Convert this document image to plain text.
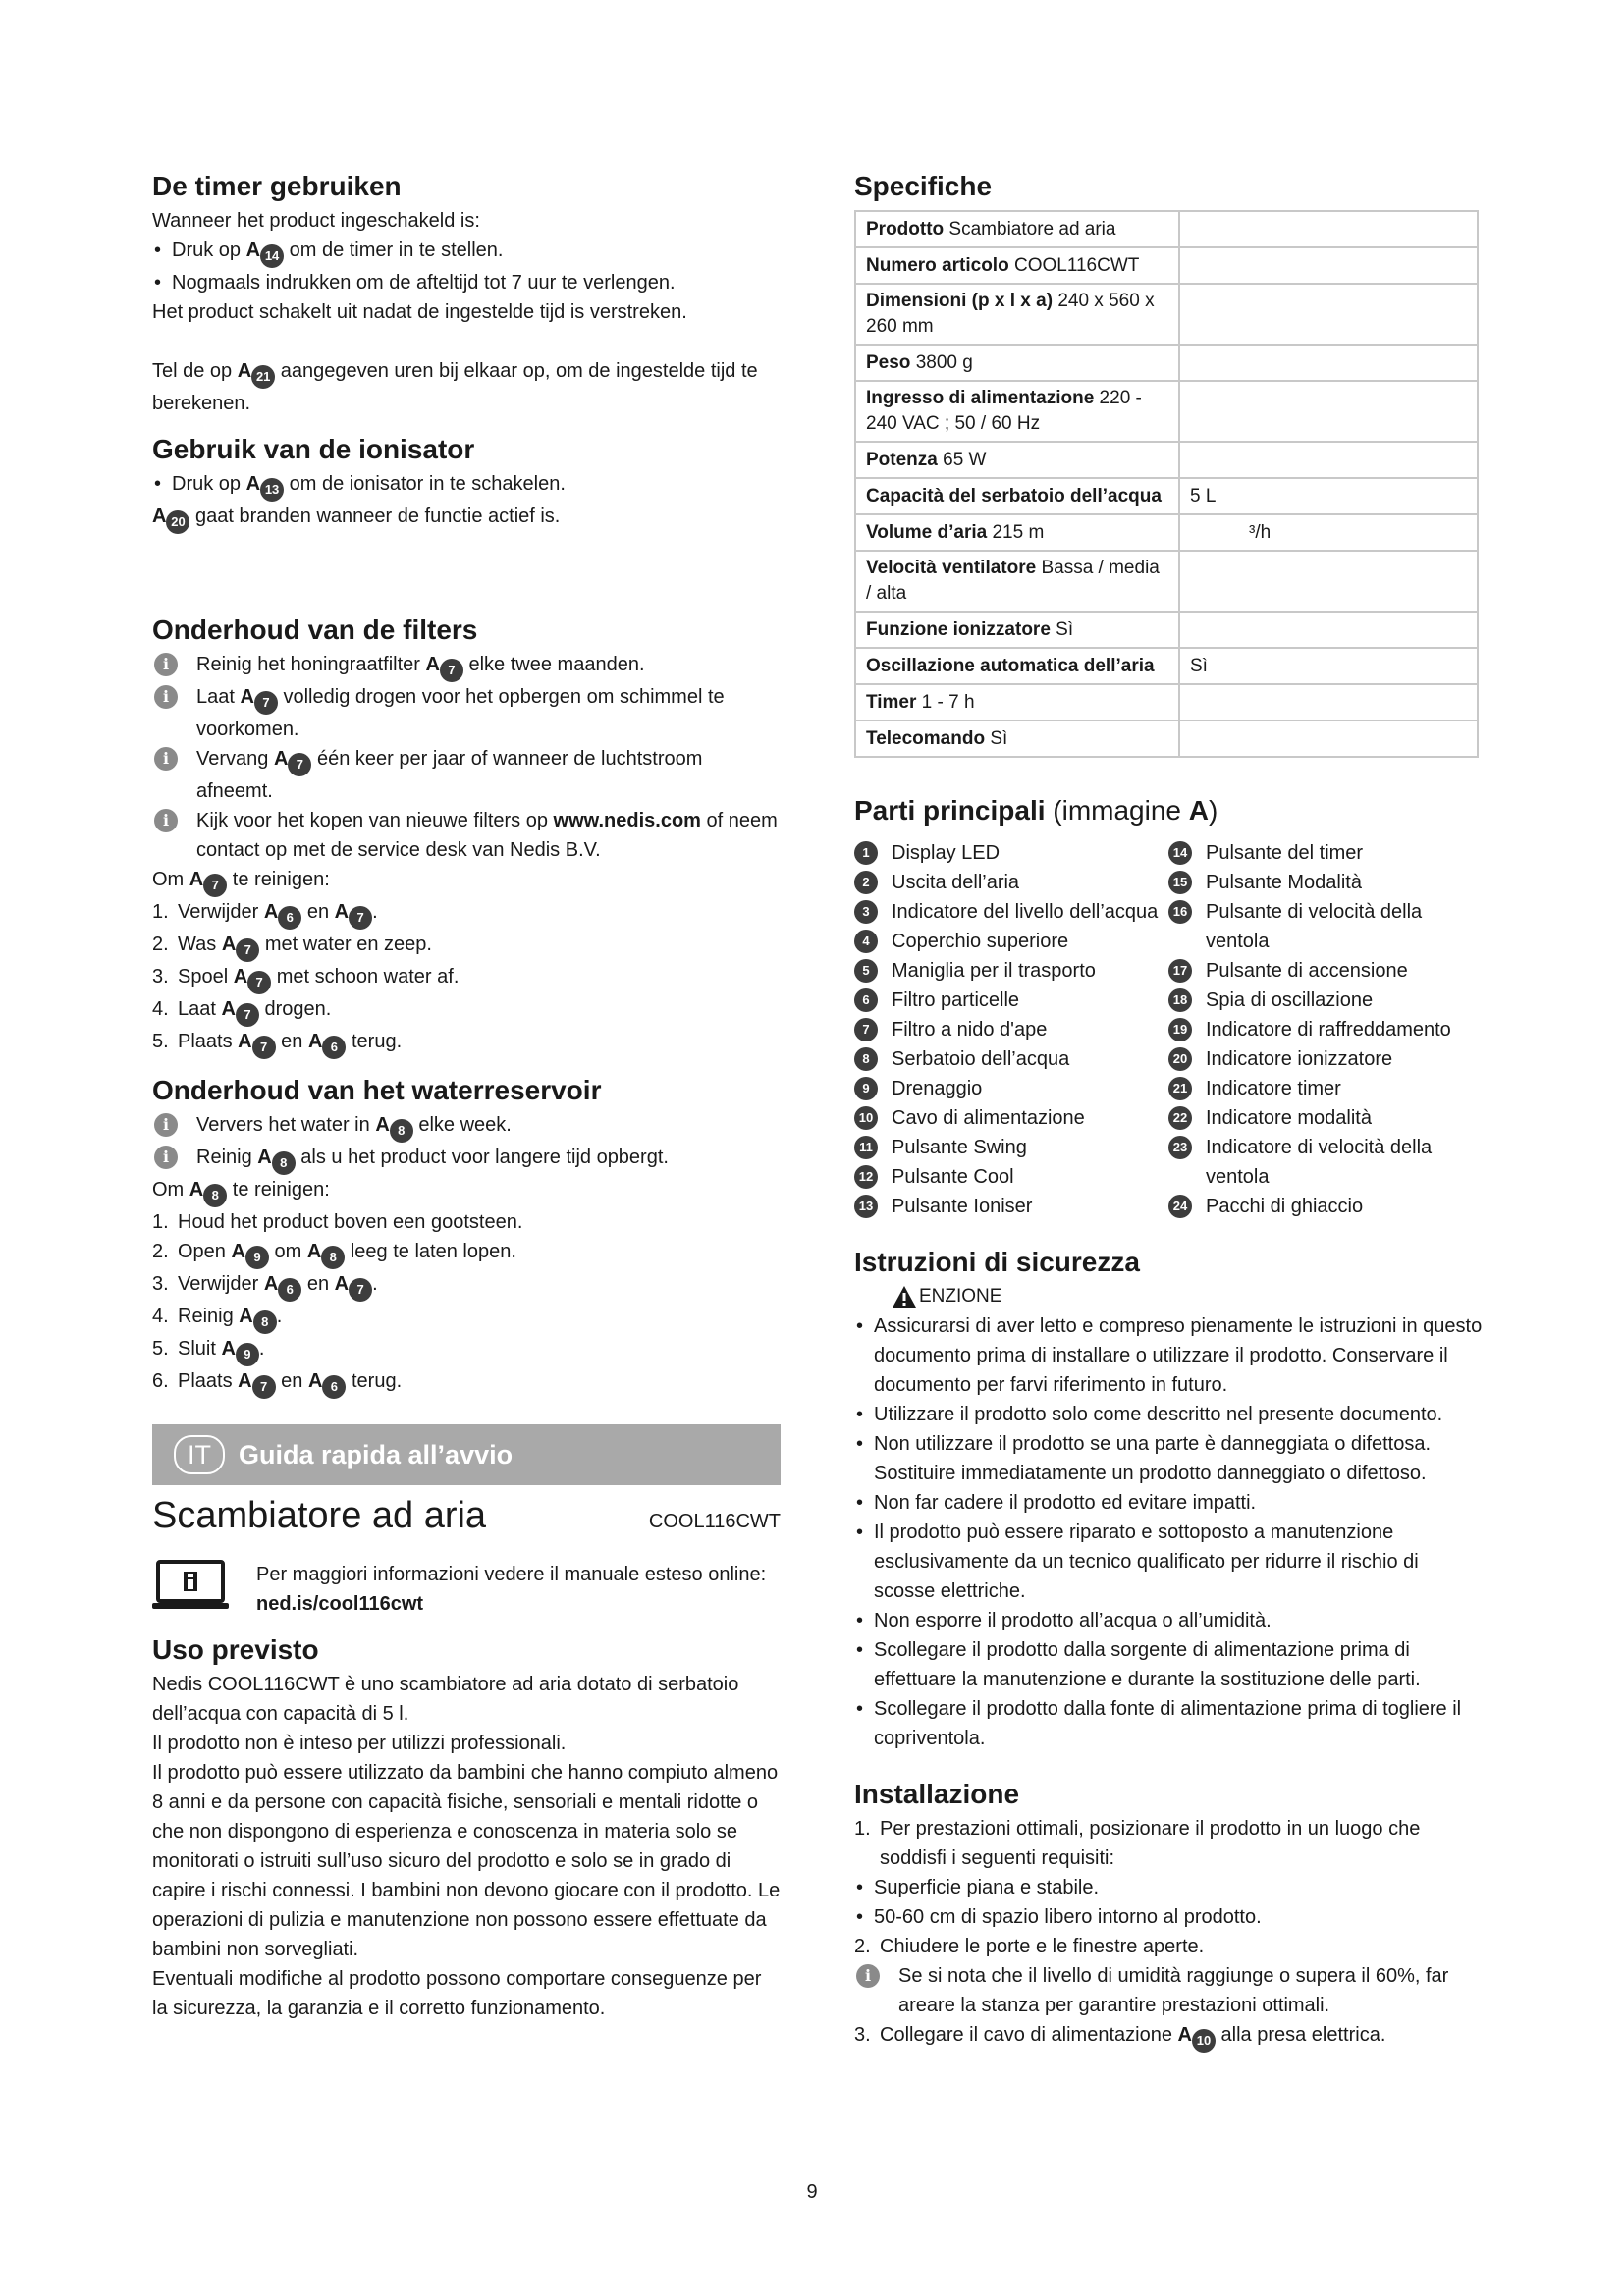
De timer gebruiken

Wanneer het product ingeschakeld is:

• Druk op A 14 om de timer in te stellen.

• Nogmaals indrukken om de afteltijd tot 7 uur te verlengen.

Het product schakelt uit nadat de ingestelde tijd is verstreken.

Tel de op A 21 aangegeven uren bij elkaar op, om de ingestelde tijd te berekenen.

Gebruik van de ionisator

• Druk op A 13 om de ionisator in te schakelen.

A 20 gaat branden wanneer de functie actief is.

Onderhoud van de filters

i	Reinig het honingraatfilter A 7 elke twee maanden.

i	Laat A 7 volledig drogen voor het opbergen om schimmel te voorkomen.

i	Vervang A 7 één keer per jaar of wanneer de luchtstroom afneemt.

i	Kijk voor het kopen van nieuwe filters op www.nedis.com of neem contact op met de service desk van Nedis B.V.

Om A 7 te reinigen:

1. Verwijder A 6 en A 7 .

2. Was A 7 met water en zeep.

3. Spoel A 7 met schoon water af.

4. Laat A 7 drogen.

5. Plaats A 7 en A 6 terug.

Onderhoud van het waterreservoir

i	Ververs het water in A 8 elke week.

i	Reinig A 8 als u het product voor langere tijd opbergt.

Om A 8 te reinigen:

1. Houd het product boven een gootsteen.

2. Open A 9 om A 8 leeg te laten lopen.

3. Verwijder A 6 en A 7 .

4. Reinig A 8 .

5. Sluit A 9 .

6. Plaats A 7 en A 6 terug.

IT	Guida rapida all’avvio
Scambiatore ad aria	COOL116CWT

Per maggiori informazioni vedere il manuale esteso online: ned.is/cool116cwt

Uso previsto

Nedis COOL116CWT è uno scambiatore ad aria dotato di serbatoio dell’acqua con capacità di 5 l.

Il prodotto non è inteso per utilizzi professionali.

Il prodotto può essere utilizzato da bambini che hanno compiuto almeno 8 anni e da persone con capacità fisiche, sensoriali e mentali ridotte o che non dispongono di esperienza e conoscenza in materia solo se monitorati o istruiti sull’uso sicuro del prodotto e solo se in grado di capire i rischi connessi. I bambini non devono giocare con il prodotto. Le operazioni di pulizia e manutenzione non possono essere effettuate da bambini non sorvegliati.

Eventuali modifiche al prodotto possono comportare conseguenze per la sicurezza, la garanzia e il corretto funzionamento.

Specifiche
Prodotto Scambiatore ad aria	
Numero articolo COOL116CWT	
Dimensioni (p x l x a) 240 x 560 x 260 mm	
Peso 3800 g	
Ingresso di alimentazione 220 - 240 VAC ; 50 / 60 Hz	
Potenza 65 W	
Capacità del serbatoio dell’acqua	5 L
Volume d’aria 215 m	³/h
Velocità ventilatore Bassa / media / alta	
Funzione ionizzatore Sì	
Oscillazione automatica dell’aria	Sì
Timer 1 - 7 h	
Telecomando Sì	
Parti principali (immagine A)

1	Display LED

2	Uscita dell’aria

3	Indicatore del livello dell’acqua

4	Coperchio superiore

5	Maniglia per il trasporto

6	Filtro particelle

7	Filtro a nido d'ape

8	Serbatoio dell’acqua

9	Drenaggio

10 Cavo di alimentazione

11 Pulsante Swing

12 Pulsante Cool

13 Pulsante Ioniser

14 Pulsante del timer

15 Pulsante Modalità

16 Pulsante di velocità della ventola

17 Pulsante di accensione

18 Spia di oscillazione

19 Indicatore di raffreddamento

20 Indicatore ionizzatore

21 Indicatore timer

22 Indicatore modalità

23 Indicatore di velocità della ventola

24 Pacchi di ghiaccio

Istruzioni di sicurezza
ENZIONE

• Assicurarsi di aver letto e compreso pienamente le istruzioni in questo documento prima di installare o utilizzare il prodotto. Conservare il documento per farvi riferimento in futuro.

• Utilizzare il prodotto solo come descritto nel presente documento.

• Non utilizzare il prodotto se una parte è danneggiata o difettosa. Sostituire immediatamente un prodotto danneggiato o difettoso.

• Non far cadere il prodotto ed evitare impatti.

• Il prodotto può essere riparato e sottoposto a manutenzione esclusivamente da un tecnico qualificato per ridurre il rischio di scosse elettriche.

• Non esporre il prodotto all’acqua o all’umidità.

• Scollegare il prodotto dalla sorgente di alimentazione prima di effettuare la manutenzione e durante la sostituzione delle parti.

• Scollegare il prodotto dalla fonte di alimentazione prima di togliere il copriventola.

Installazione

1. Per prestazioni ottimali, posizionare il prodotto in un luogo che soddisfi i seguenti requisiti:

• Superficie piana e stabile.

• 50-60 cm di spazio libero intorno al prodotto.

2. Chiudere le porte e le finestre aperte.

i	Se si nota che il livello di umidità raggiunge o supera il 60%, far areare la stanza per garantire prestazioni ottimali.

3. Collegare il cavo di alimentazione A 10 alla presa elettrica.

9
